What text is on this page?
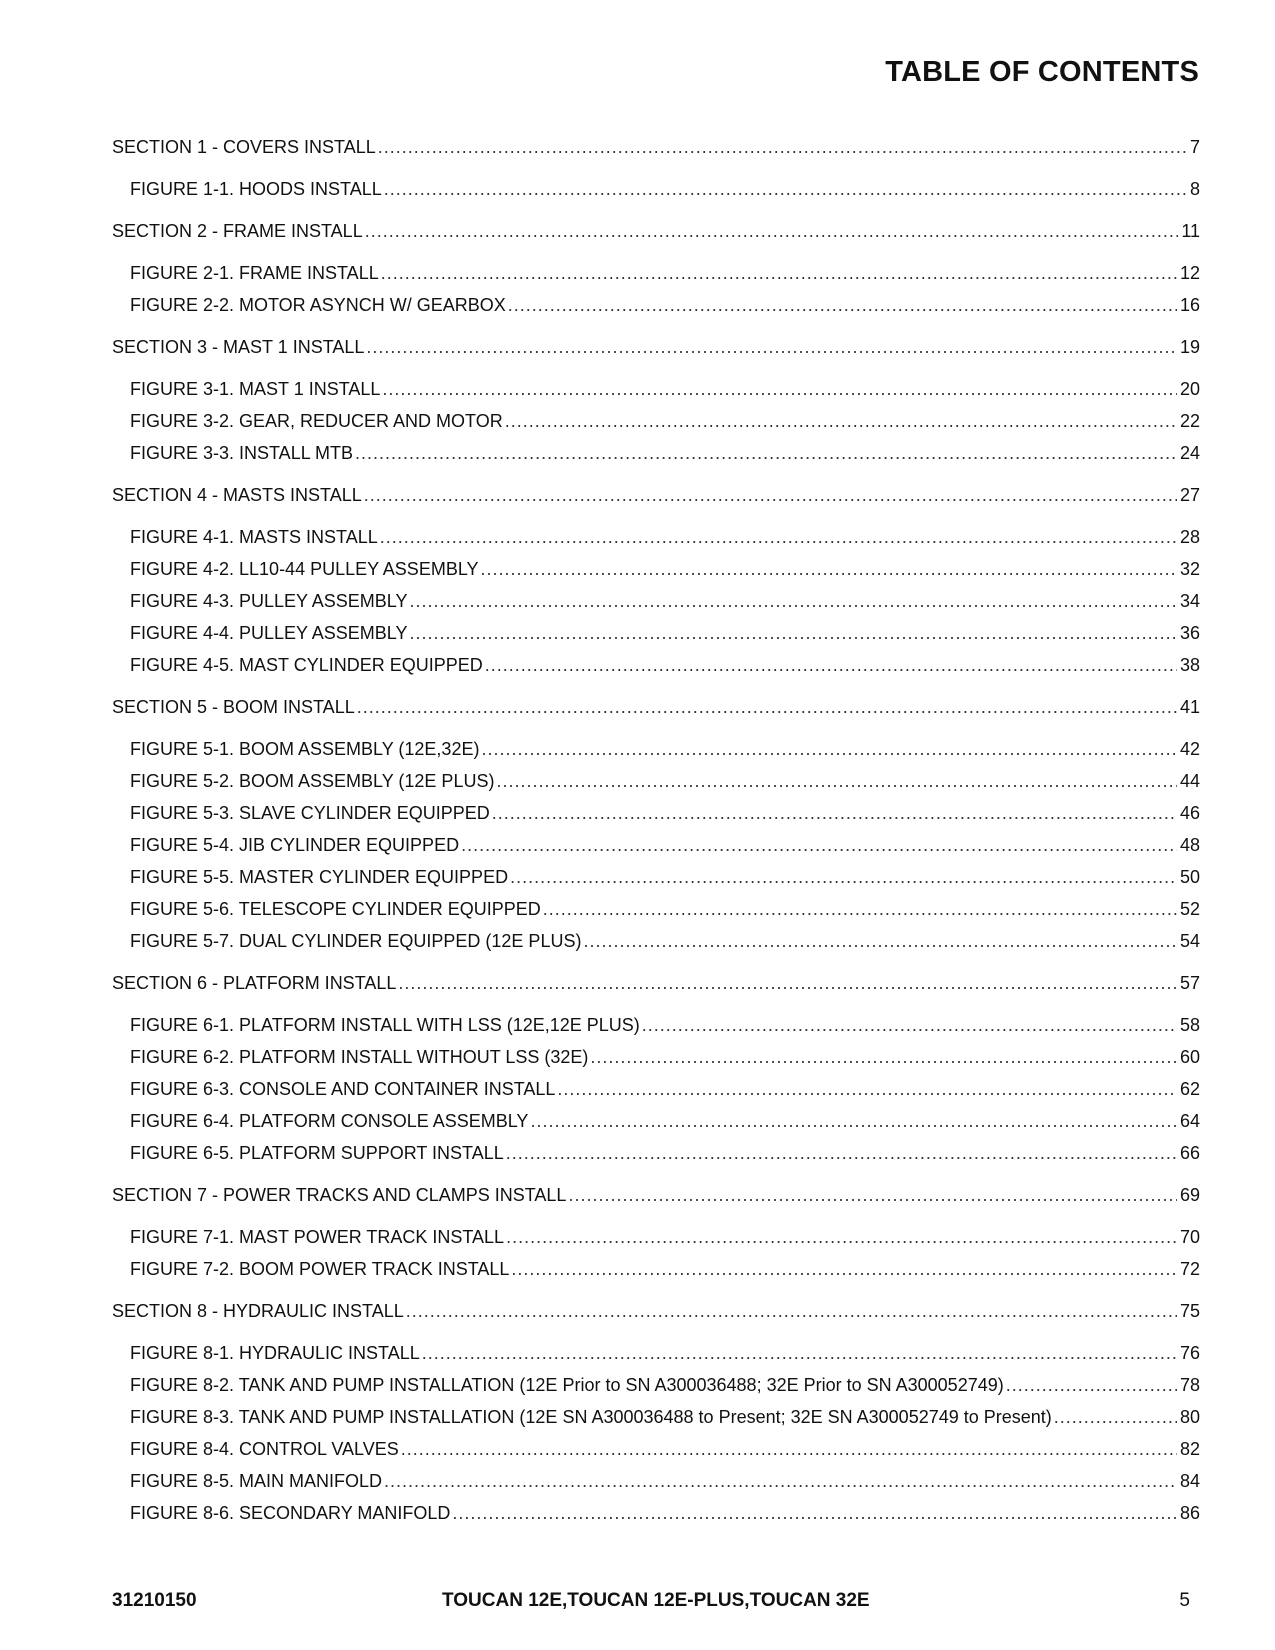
TABLE OF CONTENTS
SECTION 1 - COVERS INSTALL .....	7
FIGURE 1-1. HOODS INSTALL .....	8
SECTION 2 - FRAME INSTALL .....	11
FIGURE 2-1. FRAME INSTALL .....	12
FIGURE 2-2. MOTOR ASYNCH W/ GEARBOX .....	16
SECTION 3 - MAST 1 INSTALL .....	19
FIGURE 3-1. MAST 1 INSTALL .....	20
FIGURE 3-2. GEAR, REDUCER AND MOTOR .....	22
FIGURE 3-3. INSTALL MTB .....	24
SECTION 4 - MASTS INSTALL .....	27
FIGURE 4-1. MASTS INSTALL .....	28
FIGURE 4-2. LL10-44 PULLEY ASSEMBLY .....	32
FIGURE 4-3. PULLEY ASSEMBLY .....	34
FIGURE 4-4. PULLEY ASSEMBLY .....	36
FIGURE 4-5. MAST CYLINDER EQUIPPED .....	38
SECTION 5 - BOOM INSTALL .....	41
FIGURE 5-1. BOOM ASSEMBLY (12E,32E) .....	42
FIGURE 5-2. BOOM ASSEMBLY (12E PLUS) .....	44
FIGURE 5-3. SLAVE CYLINDER EQUIPPED .....	46
FIGURE 5-4. JIB CYLINDER EQUIPPED .....	48
FIGURE 5-5. MASTER CYLINDER EQUIPPED .....	50
FIGURE 5-6. TELESCOPE CYLINDER EQUIPPED .....	52
FIGURE 5-7. DUAL CYLINDER EQUIPPED (12E PLUS) .....	54
SECTION 6 - PLATFORM INSTALL .....	57
FIGURE 6-1. PLATFORM INSTALL WITH LSS (12E,12E PLUS) .....	58
FIGURE 6-2. PLATFORM INSTALL WITHOUT LSS (32E) .....	60
FIGURE 6-3. CONSOLE AND CONTAINER INSTALL .....	62
FIGURE 6-4. PLATFORM CONSOLE ASSEMBLY .....	64
FIGURE 6-5. PLATFORM SUPPORT INSTALL .....	66
SECTION 7 - POWER TRACKS AND CLAMPS INSTALL .....	69
FIGURE 7-1. MAST POWER TRACK INSTALL .....	70
FIGURE 7-2. BOOM POWER TRACK INSTALL .....	72
SECTION 8 - HYDRAULIC INSTALL .....	75
FIGURE 8-1. HYDRAULIC INSTALL .....	76
FIGURE 8-2. TANK AND PUMP INSTALLATION (12E Prior to SN A300036488; 32E Prior to SN A300052749) .....	78
FIGURE 8-3. TANK AND PUMP INSTALLATION (12E SN A300036488 to Present; 32E SN A300052749 to Present) .....	80
FIGURE 8-4. CONTROL VALVES .....	82
FIGURE 8-5. MAIN MANIFOLD .....	84
FIGURE 8-6. SECONDARY MANIFOLD .....	86
31210150	TOUCAN 12E,TOUCAN 12E-PLUS,TOUCAN 32E	5
